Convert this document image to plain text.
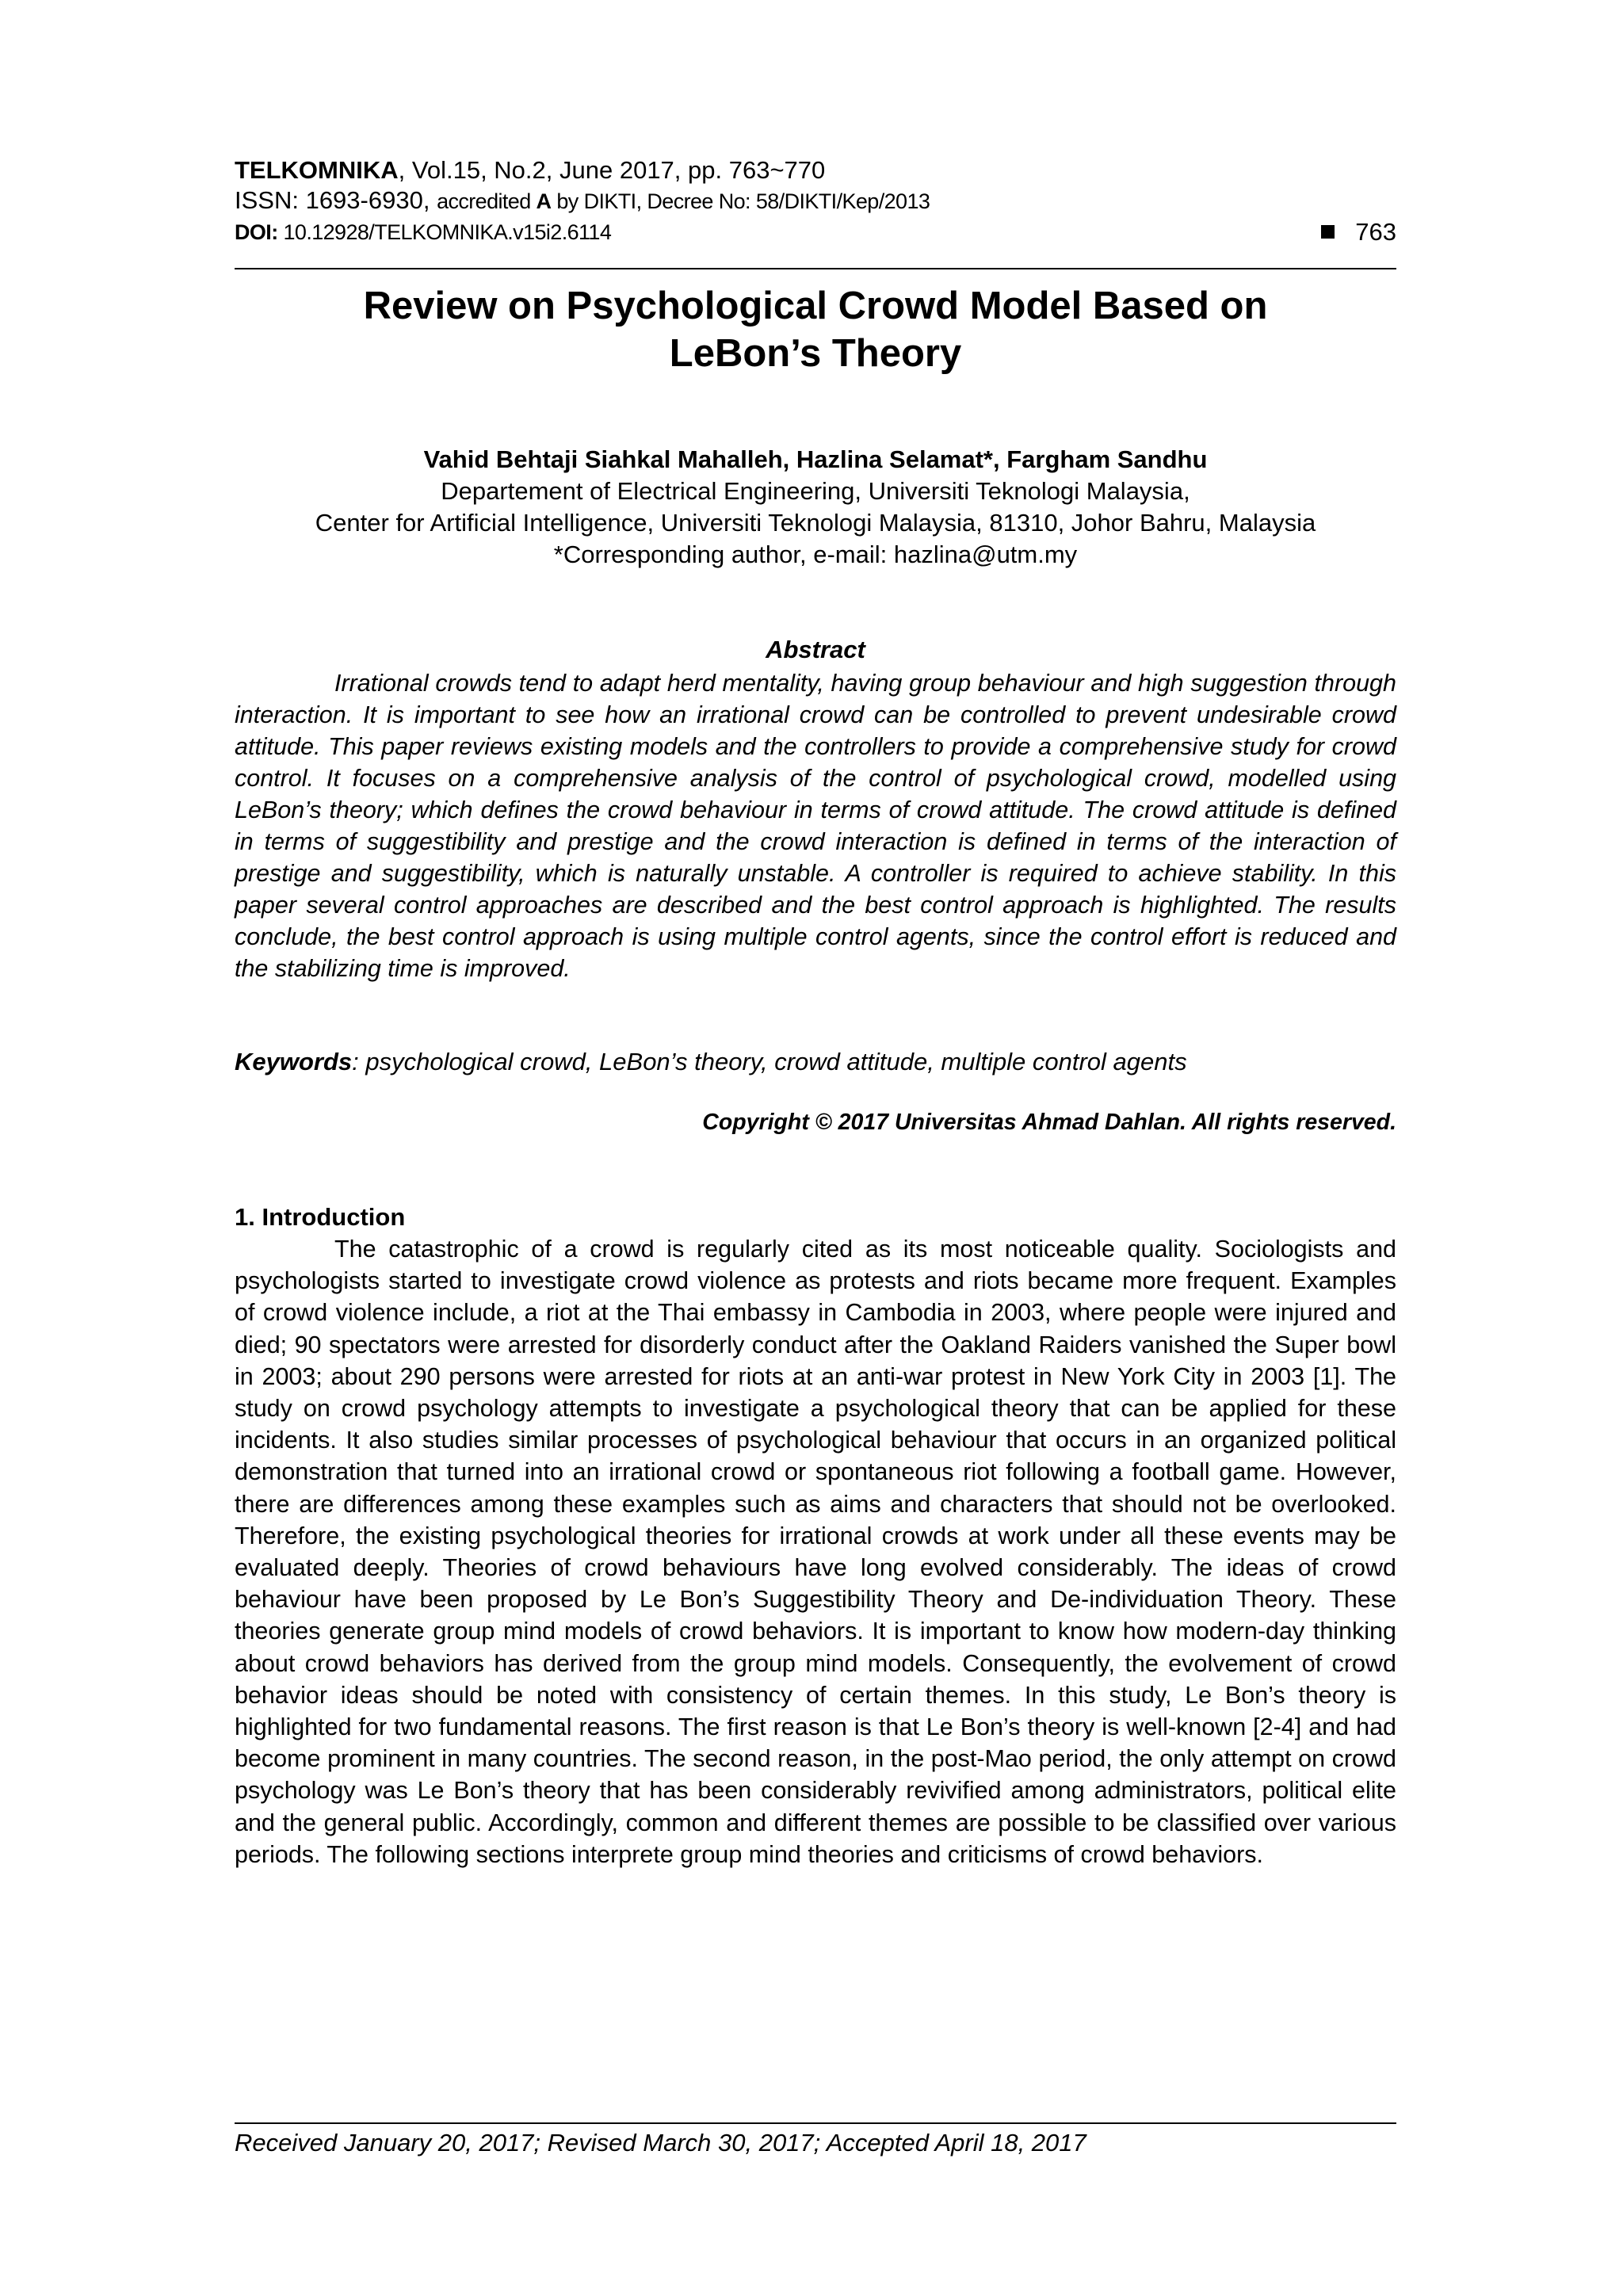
TELKOMNIKA, Vol.15, No.2, June 2017, pp. 763~770
ISSN: 1693-6930, accredited A by DIKTI, Decree No: 58/DIKTI/Kep/2013
DOI: 10.12928/TELKOMNIKA.v15i2.6114	763
Review on Psychological Crowd Model Based on
LeBon’s Theory
Vahid Behtaji Siahkal Mahalleh, Hazlina Selamat*, Fargham Sandhu
Departement of Electrical Engineering, Universiti Teknologi Malaysia,
Center for Artificial Intelligence, Universiti Teknologi Malaysia, 81310, Johor Bahru, Malaysia
*Corresponding author, e-mail: hazlina@utm.my
Abstract
Irrational crowds tend to adapt herd mentality, having group behaviour and high suggestion through interaction. It is important to see how an irrational crowd can be controlled to prevent undesirable crowd attitude. This paper reviews existing models and the controllers to provide a comprehensive study for crowd control. It focuses on a comprehensive analysis of the control of psychological crowd, modelled using LeBon’s theory; which defines the crowd behaviour in terms of crowd attitude. The crowd attitude is defined in terms of suggestibility and prestige and the crowd interaction is defined in terms of the interaction of prestige and suggestibility, which is naturally unstable. A controller is required to achieve stability. In this paper several control approaches are described and the best control approach is highlighted. The results conclude, the best control approach is using multiple control agents, since the control effort is reduced and the stabilizing time is improved.
Keywords: psychological crowd, LeBon’s theory, crowd attitude, multiple control agents
Copyright © 2017 Universitas Ahmad Dahlan. All rights reserved.
1. Introduction
The catastrophic of a crowd is regularly cited as its most noticeable quality. Sociologists and psychologists started to investigate crowd violence as protests and riots became more frequent. Examples of crowd violence include, a riot at the Thai embassy in Cambodia in 2003, where people were injured and died; 90 spectators were arrested for disorderly conduct after the Oakland Raiders vanished the Super bowl in 2003; about 290 persons were arrested for riots at an anti-war protest in New York City in 2003 [1]. The study on crowd psychology attempts to investigate a psychological theory that can be applied for these incidents. It also studies similar processes of psychological behaviour that occurs in an organized political demonstration that turned into an irrational crowd or spontaneous riot following a football game. However, there are differences among these examples such as aims and characters that should not be overlooked. Therefore, the existing psychological theories for irrational crowds at work under all these events may be evaluated deeply. Theories of crowd behaviours have long evolved considerably. The ideas of crowd behaviour have been proposed by Le Bon’s Suggestibility Theory and De-individuation Theory. These theories generate group mind models of crowd behaviors. It is important to know how modern-day thinking about crowd behaviors has derived from the group mind models. Consequently, the evolvement of crowd behavior ideas should be noted with consistency of certain themes. In this study, Le Bon’s theory is highlighted for two fundamental reasons. The first reason is that Le Bon’s theory is well-known [2-4] and had become prominent in many countries. The second reason, in the post-Mao period, the only attempt on crowd psychology was Le Bon’s theory that has been considerably revivified among administrators, political elite and the general public. Accordingly, common and different themes are possible to be classified over various periods. The following sections interprete group mind theories and criticisms of crowd behaviors.
Received January 20, 2017; Revised March 30, 2017; Accepted April 18, 2017
